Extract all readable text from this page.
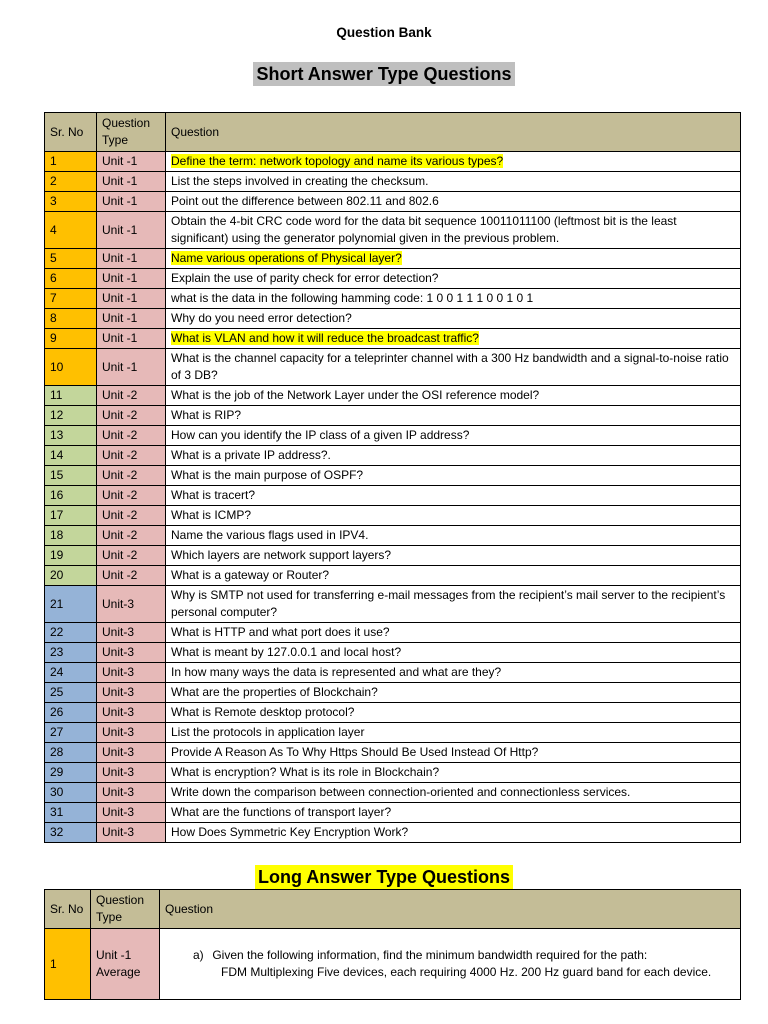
Question Bank
Short Answer Type Questions
Sr. No	Question Type	Question
1	Unit -1	Define the term: network topology and name its various types?
2	Unit -1	List the steps involved in creating the checksum.
3	Unit -1	Point out the difference between 802.11 and 802.6
4	Unit -1	Obtain the 4-bit CRC code word for the data bit sequence 10011011100 (leftmost bit is the least significant) using the generator polynomial given in the previous problem.
5	Unit -1	Name various operations of Physical layer?
6	Unit -1	Explain the use of parity check for error detection?
7	Unit -1	what is the data in the following hamming code: 1 0 0 1 1 1 0 0 1 0 1
8	Unit -1	Why do you need error detection?
9	Unit -1	What is VLAN and how it will reduce the broadcast traffic?
10	Unit -1	What is the channel capacity for a teleprinter channel with a 300 Hz bandwidth and a signal-to-noise ratio of 3 DB?
11	Unit -2	What is the job of the Network Layer under the OSI reference model?
12	Unit -2	What is RIP?
13	Unit -2	How can you identify the IP class of a given IP address?
14	Unit -2	What is a private IP address?.
15	Unit -2	What is the main purpose of OSPF?
16	Unit -2	What is tracert?
17	Unit -2	What is ICMP?
18	Unit -2	Name the various flags used in IPV4.
19	Unit -2	Which layers are network support layers?
20	Unit -2	What is a gateway or Router?
21	Unit-3	Why is SMTP not used for transferring e-mail messages from the recipient’s mail server to the recipient’s personal computer?
22	Unit-3	What is HTTP and what port does it use?
23	Unit-3	What is meant by 127.0.0.1 and local host?
24	Unit-3	In how many ways the data is represented and what are they?
25	Unit-3	What are the properties of Blockchain?
26	Unit-3	What is Remote desktop protocol?
27	Unit-3	List the protocols in application layer
28	Unit-3	Provide A Reason As To Why Https Should Be Used Instead Of Http?
29	Unit-3	What is encryption? What is its role in Blockchain?
30	Unit-3	Write down the comparison between connection-oriented and connectionless services.
31	Unit-3	What are the functions of transport layer?
32	Unit-3	How Does Symmetric Key Encryption Work?
Long Answer Type Questions
Sr. No	Question Type	Question
1	Unit -1 Average	a) Given the following information, find the minimum bandwidth required for the path:
FDM Multiplexing Five devices, each requiring 4000 Hz. 200 Hz guard band for each device.
